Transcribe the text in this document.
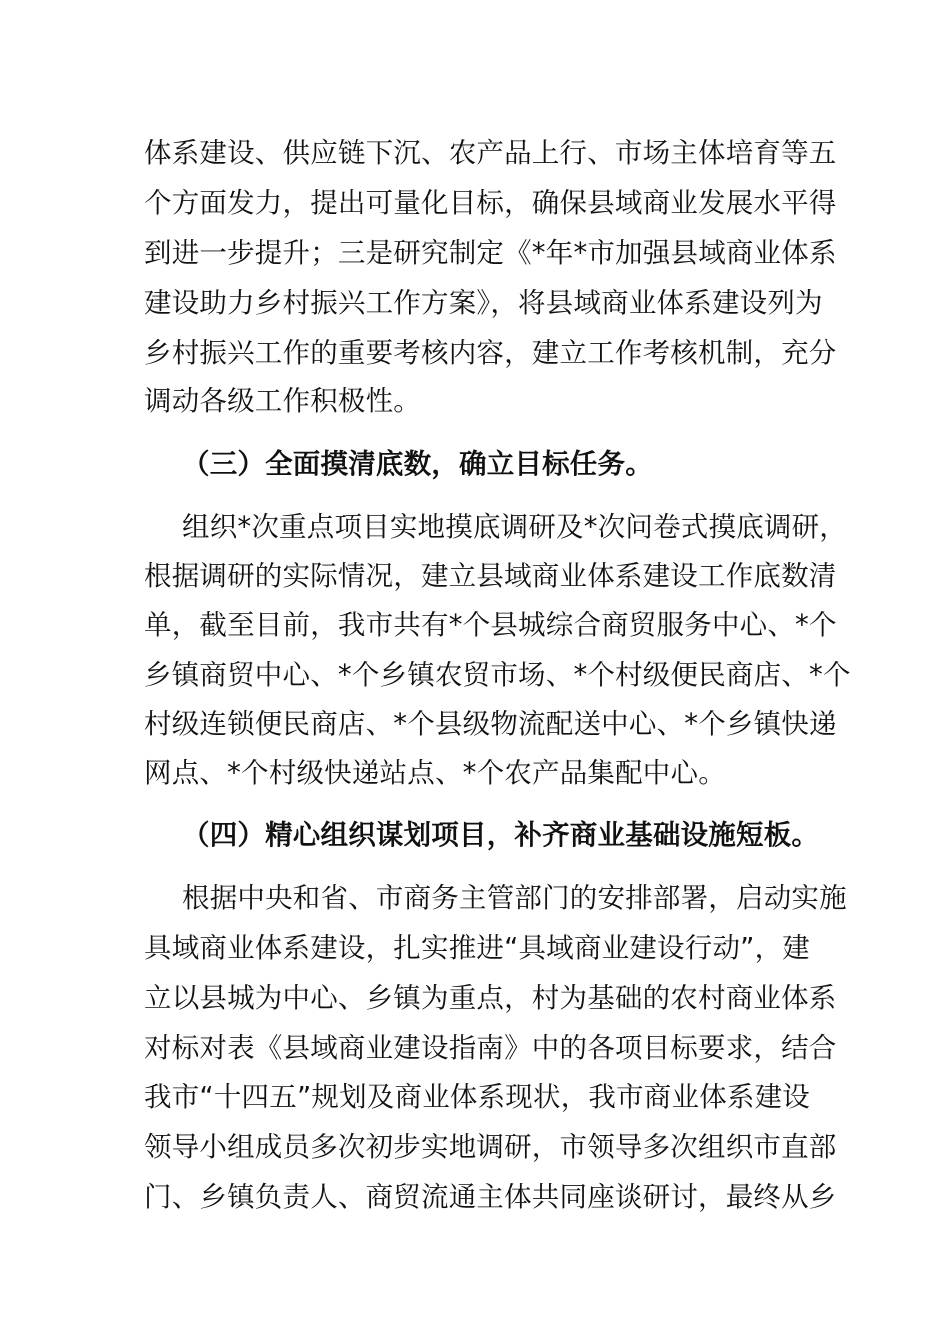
体系建设、供应链下沉、农产品上行、市场主体培育等五
个方面发力，提出可量化目标，确保县域商业发展水平得
到进一步提升；三是研究制定《*年*市加强县域商业体系
建设助力乡村振兴工作方案》，将县域商业体系建设列为
乡村振兴工作的重要考核内容，建立工作考核机制，充分
调动各级工作积极性。
（三）全面摸清底数，确立目标任务。
组织*次重点项目实地摸底调研及*次问卷式摸底调研，
根据调研的实际情况，建立县域商业体系建设工作底数清
单，截至目前，我市共有*个县城综合商贸服务中心、*个
乡镇商贸中心、*个乡镇农贸市场、*个村级便民商店、*个
村级连锁便民商店、*个县级物流配送中心、*个乡镇快递
网点、*个村级快递站点、*个农产品集配中心。
（四）精心组织谋划项目，补齐商业基础设施短板。
根据中央和省、市商务主管部门的安排部署，启动实施
具域商业体系建设，扎实推进“具域商业建设行动”，建
立以县城为中心、乡镇为重点，村为基础的农村商业体系
对标对表《县域商业建设指南》中的各项目标要求，结合
我市“十四五”规划及商业体系现状，我市商业体系建设
领导小组成员多次初步实地调研，市领导多次组织市直部
门、乡镇负责人、商贸流通主体共同座谈研讨，最终从乡
